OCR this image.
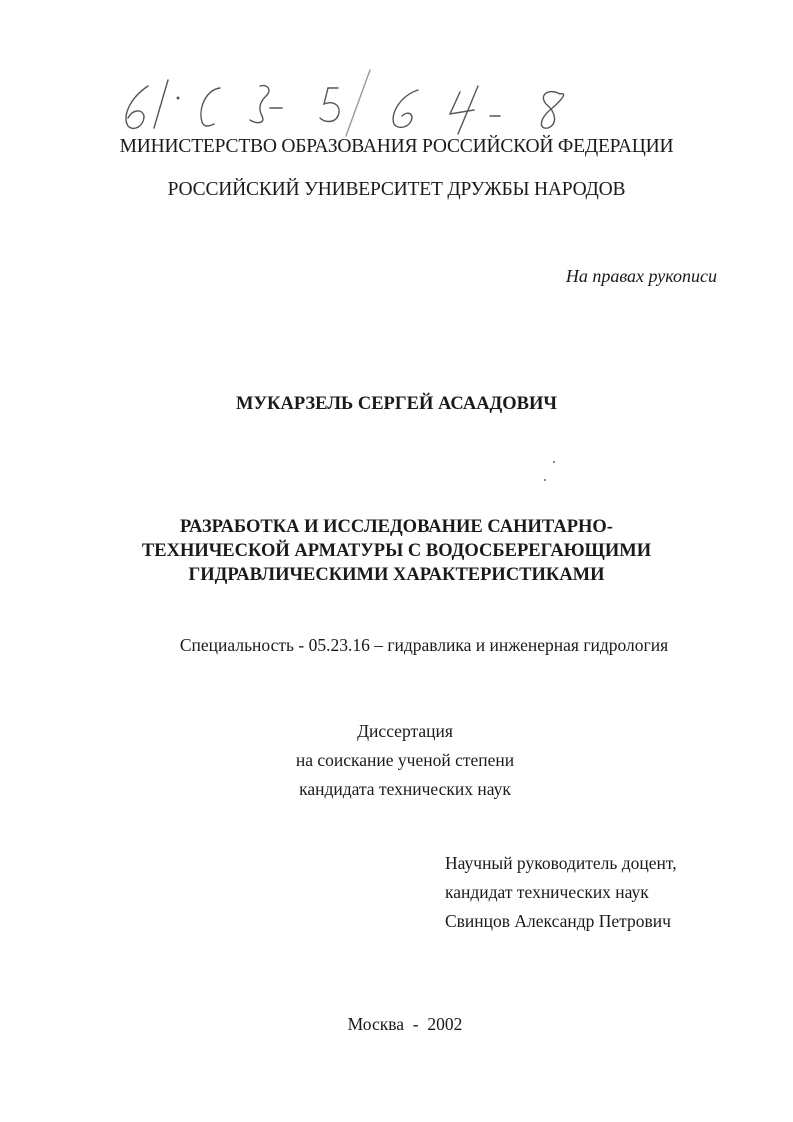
МИНИСТЕРСТВО ОБРАЗОВАНИЯ РОССИЙСКОЙ ФЕДЕРАЦИИ
РОССИЙСКИЙ УНИВЕРСИТЕТ ДРУЖБЫ НАРОДОВ
На правах рукописи
МУКАРЗЕЛЬ СЕРГЕЙ АСААДОВИЧ
РАЗРАБОТКА И ИССЛЕДОВАНИЕ САНИТАРНО-
ТЕХНИЧЕСКОЙ АРМАТУРЫ С ВОДОСБЕРЕГАЮЩИМИ
ГИДРАВЛИЧЕСКИМИ ХАРАКТЕРИСТИКАМИ
Специальность - 05.23.16 – гидравлика и инженерная гидрология
Диссертация
на соискание ученой степени
кандидата технических наук
Научный руководитель доцент,
кандидат технических наук
Свинцов Александр Петрович
Москва  -  2002
